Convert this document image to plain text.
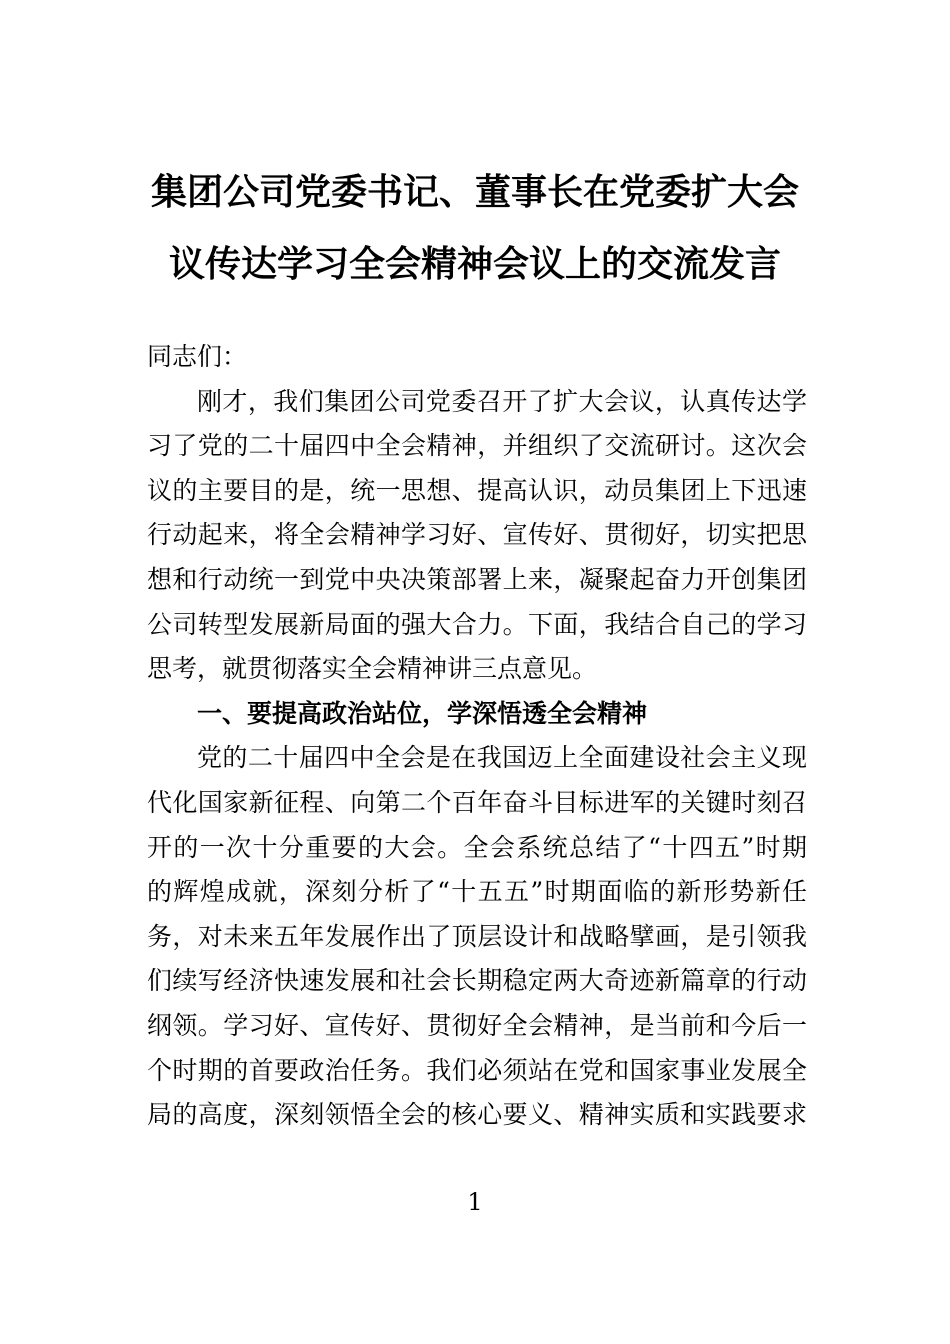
集团公司党委书记、董事长在党委扩大会
议传达学习全会精神会议上的交流发言
同志们：
刚才，我们集团公司党委召开了扩大会议，认真传达学
习了党的二十届四中全会精神，并组织了交流研讨。这次会
议的主要目的是，统一思想、提高认识，动员集团上下迅速
行动起来，将全会精神学习好、宣传好、贯彻好，切实把思
想和行动统一到党中央决策部署上来，凝聚起奋力开创集团
公司转型发展新局面的强大合力。下面，我结合自己的学习
思考，就贯彻落实全会精神讲三点意见。
一、要提高政治站位，学深悟透全会精神
党的二十届四中全会是在我国迈上全面建设社会主义现
代化国家新征程、向第二个百年奋斗目标进军的关键时刻召
开的一次十分重要的大会。全会系统总结了“十四五”时期
的辉煌成就，深刻分析了“十五五”时期面临的新形势新任
务，对未来五年发展作出了顶层设计和战略擘画，是引领我
们续写经济快速发展和社会长期稳定两大奇迹新篇章的行动
纲领。学习好、宣传好、贯彻好全会精神，是当前和今后一
个时期的首要政治任务。我们必须站在党和国家事业发展全
局的高度，深刻领悟全会的核心要义、精神实质和实践要求
1
